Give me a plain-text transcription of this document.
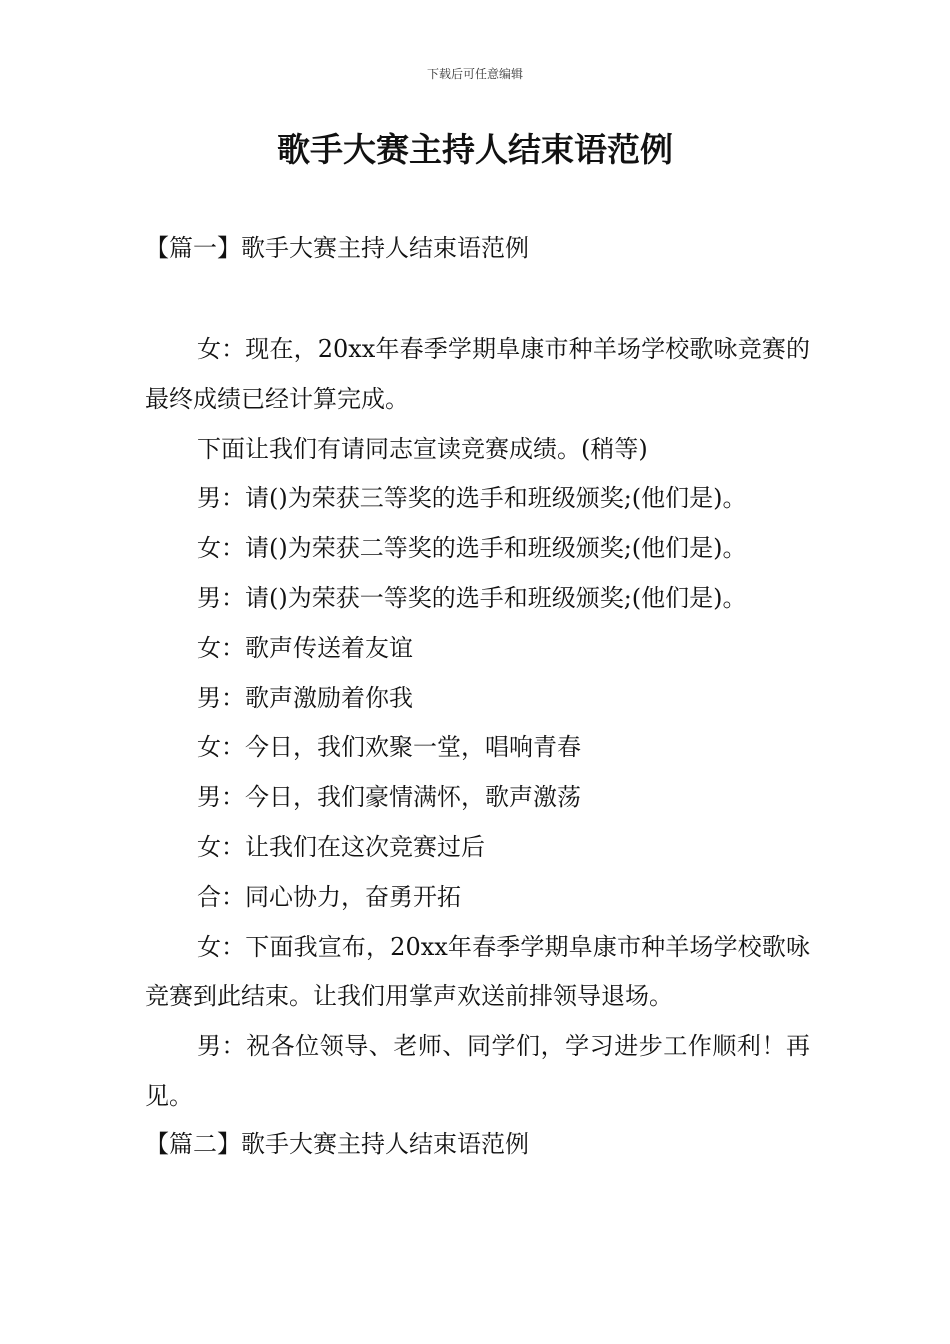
下载后可任意编辑
歌手大赛主持人结束语范例
【篇一】歌手大赛主持人结束语范例

女：现在，20xx年春季学期阜康市种羊场学校歌咏竞赛的最终成绩已经计算完成。

下面让我们有请同志宣读竞赛成绩。(稍等)

男：请()为荣获三等奖的选手和班级颁奖;(他们是)。

女：请()为荣获二等奖的选手和班级颁奖;(他们是)。

男：请()为荣获一等奖的选手和班级颁奖;(他们是)。

女：歌声传送着友谊

男：歌声激励着你我

女：今日，我们欢聚一堂，唱响青春

男：今日，我们豪情满怀，歌声激荡

女：让我们在这次竞赛过后

合：同心协力，奋勇开拓

女：下面我宣布，20xx年春季学期阜康市种羊场学校歌咏竞赛到此结束。让我们用掌声欢送前排领导退场。

男：祝各位领导、老师、同学们，学习进步工作顺利！再见。

【篇二】歌手大赛主持人结束语范例
